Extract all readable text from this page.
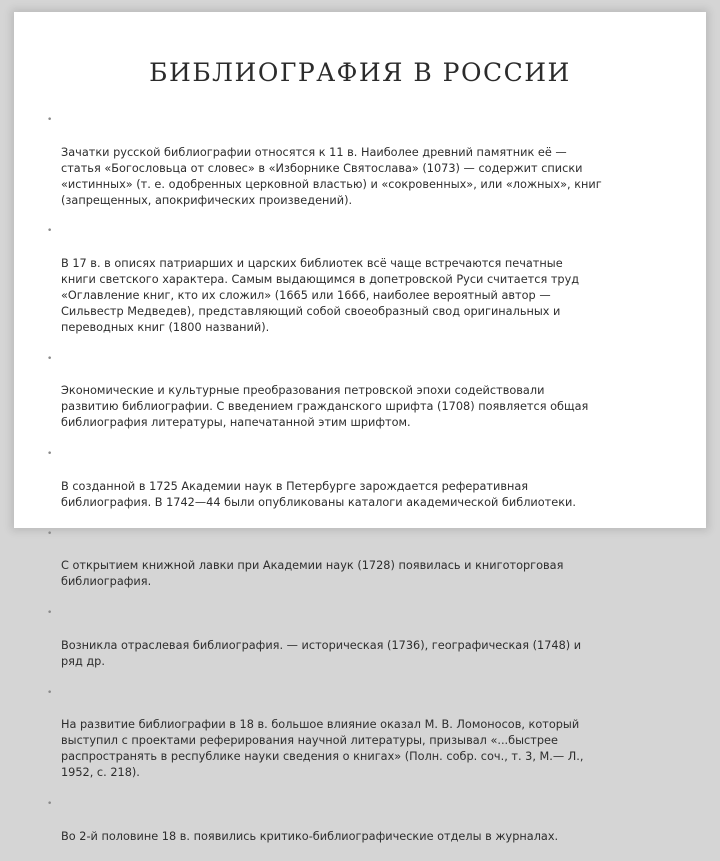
БИБЛИОГРАФИЯ В РОССИИ

•

Зачатки русской библиографии относятся к 11 в. Наиболее древний памятник её —
статья «Богословьца от словес» в «Изборнике Святослава» (1073) — содержит списки
«истинных» (т. е. одобренных церковной властью) и «сокровенных», или «ложных», книг
(запрещенных, апокрифических произведений).

•

В 17 в. в описях патриарших и царских библиотек всё чаще встречаются печатные
книги светского характера. Самым выдающимся в допетровской Руси считается труд
«Оглавление книг, кто их сложил» (1665 или 1666, наиболее вероятный автор —
Сильвестр Медведев), представляющий собой своеобразный свод оригинальных и
переводных книг (1800 названий).

•

Экономические и культурные преобразования петровской эпохи содействовали
развитию библиографии. С введением гражданского шрифта (1708) появляется общая
библиография литературы, напечатанной этим шрифтом.

•

В созданной в 1725 Академии наук в Петербурге зарождается реферативная
библиография. В 1742—44 были опубликованы каталоги академической библиотеки.

•

С открытием книжной лавки при Академии наук (1728) появилась и книготорговая
библиография.

•

Возникла отраслевая библиография. — историческая (1736), географическая (1748) и
ряд др.

•

На развитие библиографии в 18 в. большое влияние оказал М. В. Ломоносов, который
выступил с проектами реферирования научной литературы, призывал «...быстрее
распространять в республике науки сведения о книгах» (Полн. собр. соч., т. 3, М.— Л.,
1952, с. 218).

•

Во 2-й половине 18 в. появились критико-библиографические отделы в журналах.
